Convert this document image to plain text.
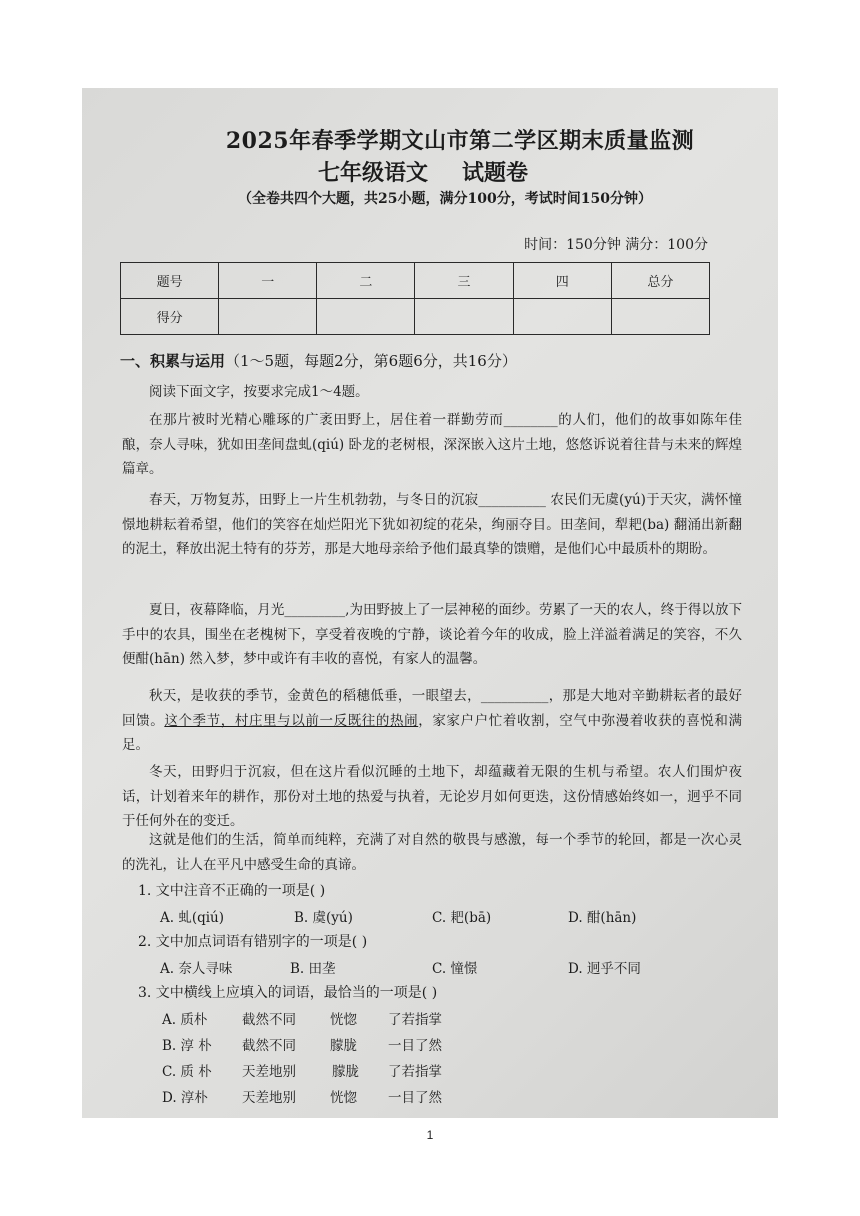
2025年春季学期文山市第二学区期末质量监测
七年级语文 试题卷
（全卷共四个大题，共25小题，满分100分，考试时间150分钟）
时间：150分钟 满分：100分
题号	一	二	三	四	总分
得分					
一、积累与运用（1～5题，每题2分，第6题6分，共16分）
阅读下面文字，按要求完成1～4题。
在那片被时光精心雕琢的广袤田野上，居住着一群勤劳而________的人们，他们的故事如陈年佳酿，奈人寻味，犹如田垄间盘虬(qiú) 卧龙的老树根，深深嵌入这片土地，悠悠诉说着往昔与未来的辉煌篇章。
春天，万物复苏，田野上一片生机勃勃，与冬日的沉寂__________ 农民们无虞(yú)于天灾，满怀憧憬地耕耘着希望，他们的笑容在灿烂阳光下犹如初绽的花朵，绚丽夺目。田垄间，犁耙(ba) 翻涌出新翻的泥土，释放出泥土特有的芬芳，那是大地母亲给予他们最真挚的馈赠，是他们心中最质朴的期盼。
夏日，夜幕降临，月光_________,为田野披上了一层神秘的面纱。劳累了一天的农人，终于得以放下手中的农具，围坐在老槐树下，享受着夜晚的宁静，谈论着今年的收成，脸上洋溢着满足的笑容，不久便酣(hān) 然入梦，梦中或许有丰收的喜悦，有家人的温馨。
秋天，是收获的季节，金黄色的稻穗低垂，一眼望去，__________，那是大地对辛勤耕耘者的最好回馈。这个季节，村庄里与以前一反既往的热闹，家家户户忙着收割，空气中弥漫着收获的喜悦和满足。
冬天，田野归于沉寂，但在这片看似沉睡的土地下，却蕴藏着无限的生机与希望。农人们围炉夜话，计划着来年的耕作，那份对土地的热爱与执着，无论岁月如何更迭，这份情感始终如一，迥乎不同于任何外在的变迁。
这就是他们的生活，简单而纯粹，充满了对自然的敬畏与感激，每一个季节的轮回，都是一次心灵的洗礼，让人在平凡中感受生命的真谛。
1. 文中注音不正确的一项是( )
A. 虬(qiú)	B. 虞(yú)	C. 耙(bā)	D. 酣(hān)
2. 文中加点词语有错别字的一项是( )
A. 奈人寻味	B. 田垄	C. 憧憬	D. 迥乎不同
3. 文中横线上应填入的词语，最恰当的一项是( )
A. 质朴	截然不同	恍惚 了若指掌
B. 淳 朴 截然不同	朦胧 一目了然
C. 质 朴 天差地别	朦胧 了若指掌
D. 淳朴	天差地别	恍惚 一目了然
1
